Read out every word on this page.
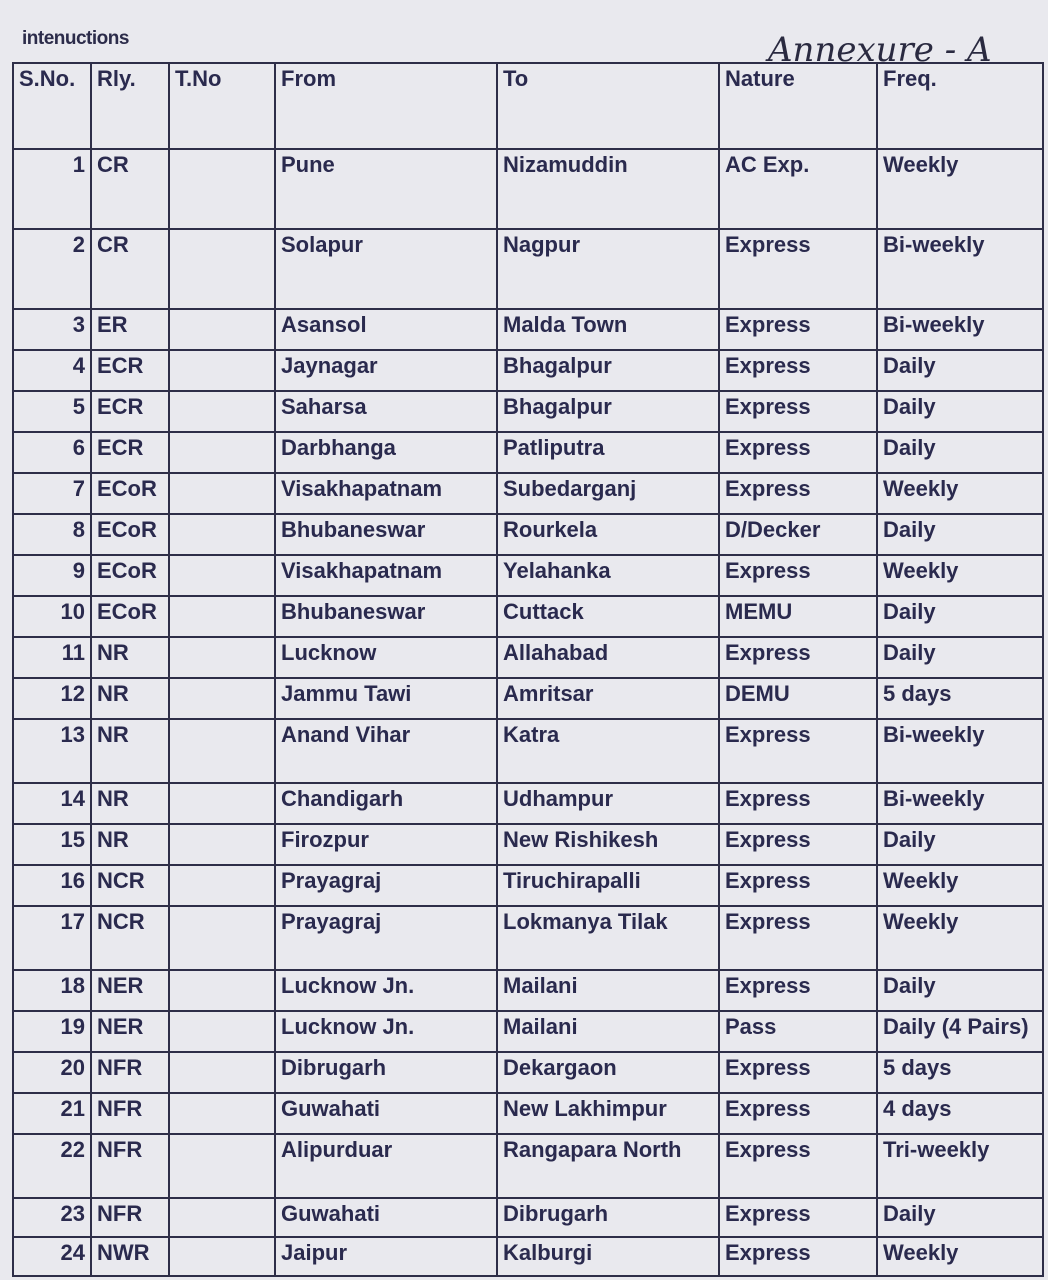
intenuctions	Annexure - A
S.No.	Rly.	T.No	From	To	Nature	Freq.
1	CR		Pune	Nizamuddin	AC Exp.	Weekly
2	CR		Solapur	Nagpur	Express	Bi-weekly
3	ER		Asansol	Malda Town	Express	Bi-weekly
4	ECR		Jaynagar	Bhagalpur	Express	Daily
5	ECR		Saharsa	Bhagalpur	Express	Daily
6	ECR		Darbhanga	Patliputra	Express	Daily
7	ECoR		Visakhapatnam	Subedarganj	Express	Weekly
8	ECoR		Bhubaneswar	Rourkela	D/Decker	Daily
9	ECoR		Visakhapatnam	Yelahanka	Express	Weekly
10	ECoR		Bhubaneswar	Cuttack	MEMU	Daily
11	NR		Lucknow	Allahabad	Express	Daily
12	NR		Jammu Tawi	Amritsar	DEMU	5 days
13	NR		Anand Vihar	Katra	Express	Bi-weekly
14	NR		Chandigarh	Udhampur	Express	Bi-weekly
15	NR		Firozpur	New Rishikesh	Express	Daily
16	NCR		Prayagraj	Tiruchirapalli	Express	Weekly
17	NCR		Prayagraj	Lokmanya Tilak	Express	Weekly
18	NER		Lucknow Jn.	Mailani	Express	Daily
19	NER		Lucknow Jn.	Mailani	Pass	Daily (4 Pairs)
20	NFR		Dibrugarh	Dekargaon	Express	5 days
21	NFR		Guwahati	New Lakhimpur	Express	4 days
22	NFR		Alipurduar	Rangapara North	Express	Tri-weekly
23	NFR		Guwahati	Dibrugarh	Express	Daily
24	NWR		Jaipur	Kalburgi	Express	Weekly
